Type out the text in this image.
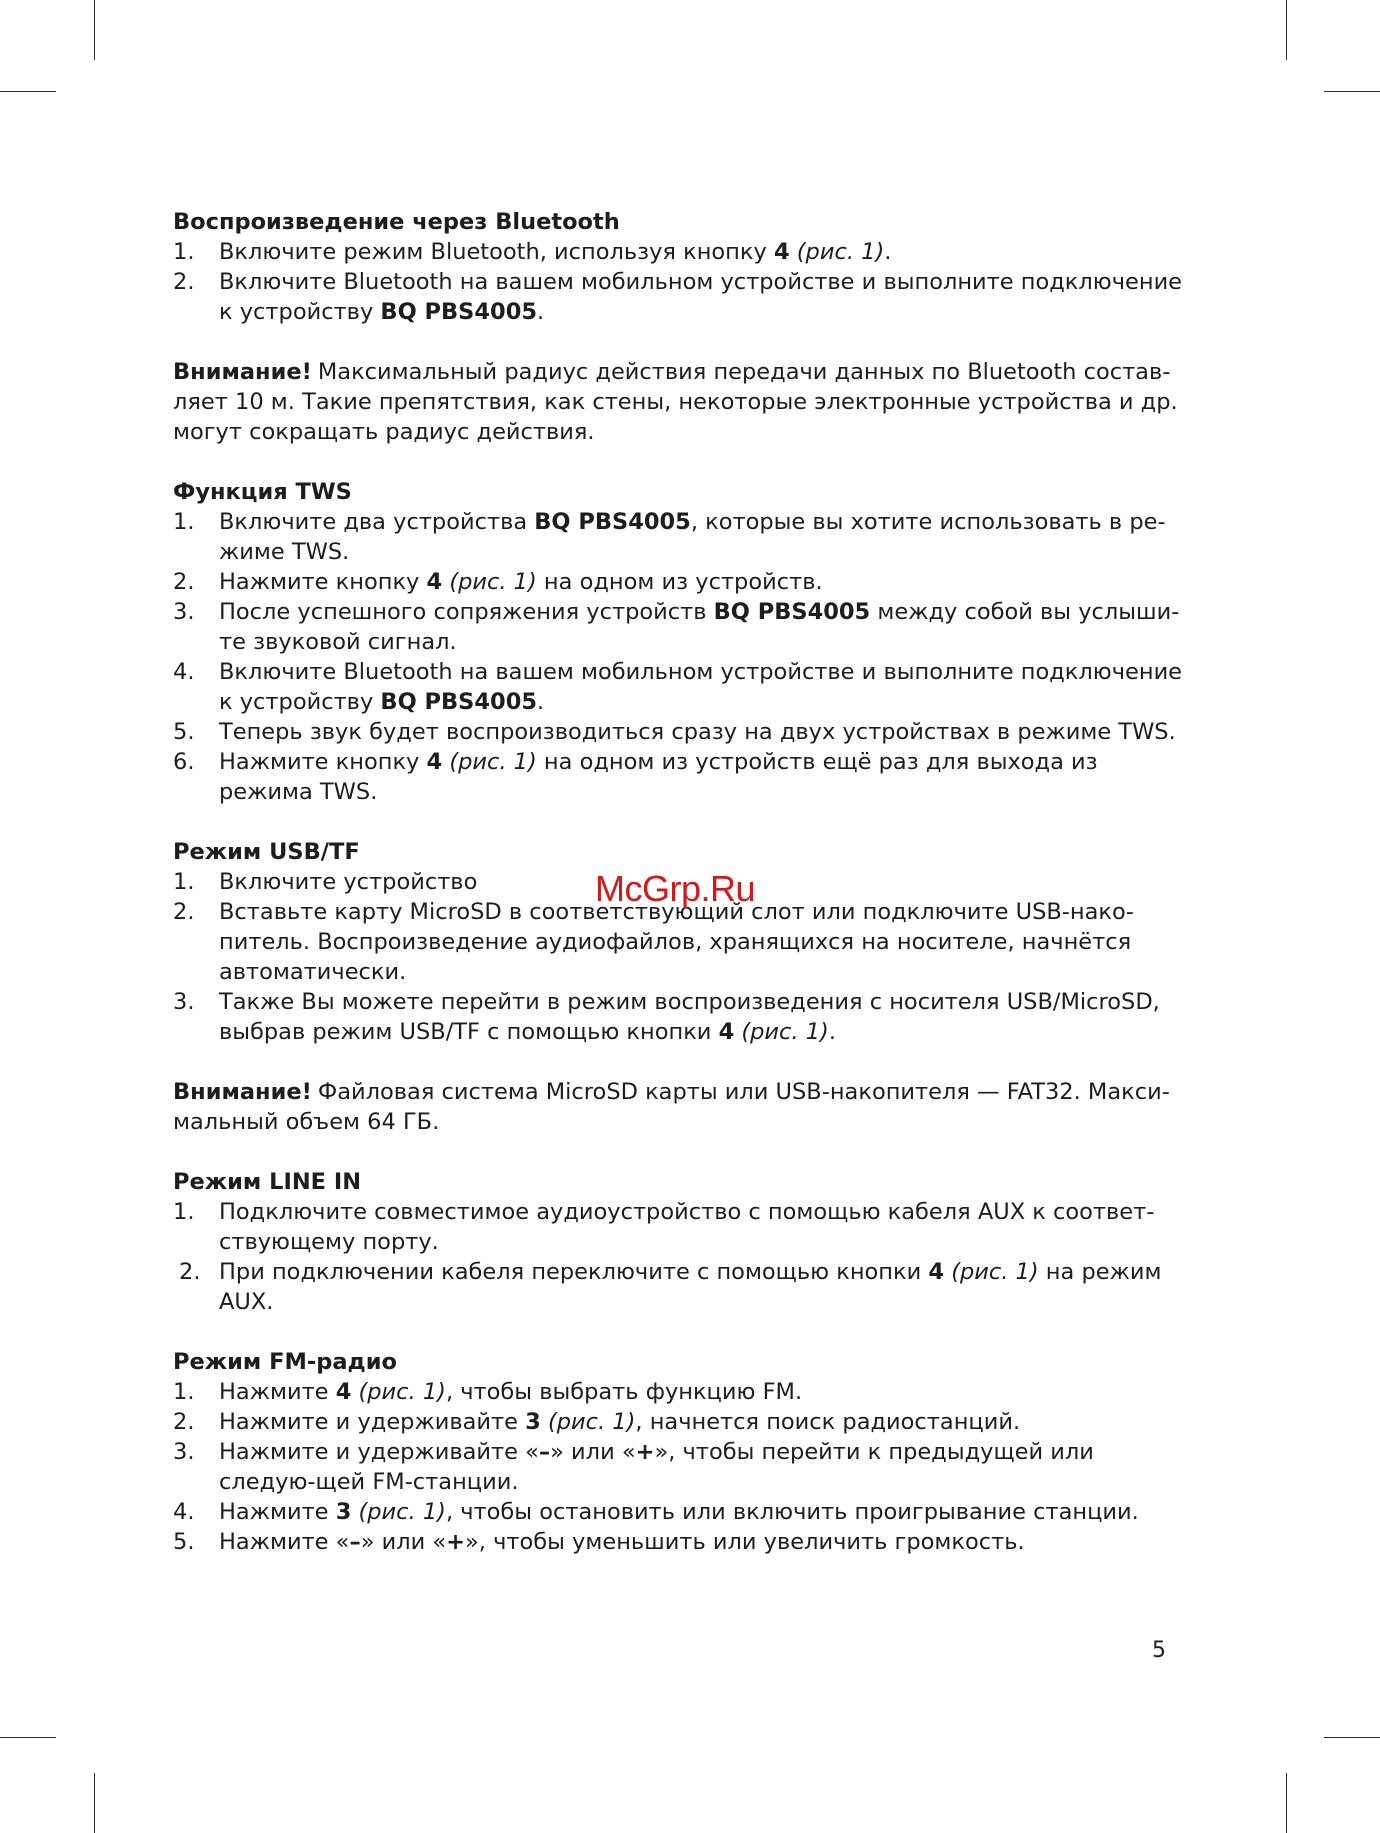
Воспроизведение через Bluetooth
1. Включите режим Bluetooth, используя кнопку 4 (рис. 1).
2. Включите Bluetooth на вашем мобильном устройстве и выполните подключение к устройству BQ PBS4005.

Внимание! Максимальный радиус действия передачи данных по Bluetooth состав-ляет 10 м. Такие препятствия, как стены, некоторые электронные устройства и др. могут сокращать радиус действия.

Функция TWS
1. Включите два устройства BQ PBS4005, которые вы хотите использовать в ре-жиме TWS.
2. Нажмите кнопку 4 (рис. 1) на одном из устройств.
3. После успешного сопряжения устройств BQ PBS4005 между собой вы услыши-те звуковой сигнал.
4. Включите Bluetooth на вашем мобильном устройстве и выполните подключение к устройству BQ PBS4005.
5. Теперь звук будет воспроизводиться сразу на двух устройствах в режиме TWS.
6. Нажмите кнопку 4 (рис. 1) на одном из устройств ещё раз для выхода из режима TWS.
Режим USB/TF
1. Включите устройство
2. Вставьте карту MicroSD в соответствующий слот или подключите USB-нако-питель. Воспроизведение аудиофайлов, хранящихся на носителе, начнётся автоматически.
3. Также Вы можете перейти в режим воспроизведения с носителя USB/MicroSD, выбрав режим USB/TF с помощью кнопки 4 (рис. 1).

Внимание! Файловая система MicroSD карты или USB-накопителя — FAT32. Макси-мальный объем 64 ГБ.

Режим LINE IN
1. Подключите совместимое аудиоустройство с помощью кабеля AUX к соответ-ствующему порту.
2. При подключении кабеля переключите с помощью кнопки 4 (рис. 1) на режим AUX.
Режим FM-радио
1. Нажмите 4 (рис. 1), чтобы выбрать функцию FM.
2. Нажмите и удерживайте 3 (рис. 1), начнется поиск радиостанций.
3. Нажмите и удерживайте «–» или «+», чтобы перейти к предыдущей или следую-щей FM-станции.
4. Нажмите 3 (рис. 1), чтобы остановить или включить проигрывание станции.
5. Нажмите «–» или «+», чтобы уменьшить или увеличить громкость.
McGrp.Ru
5
